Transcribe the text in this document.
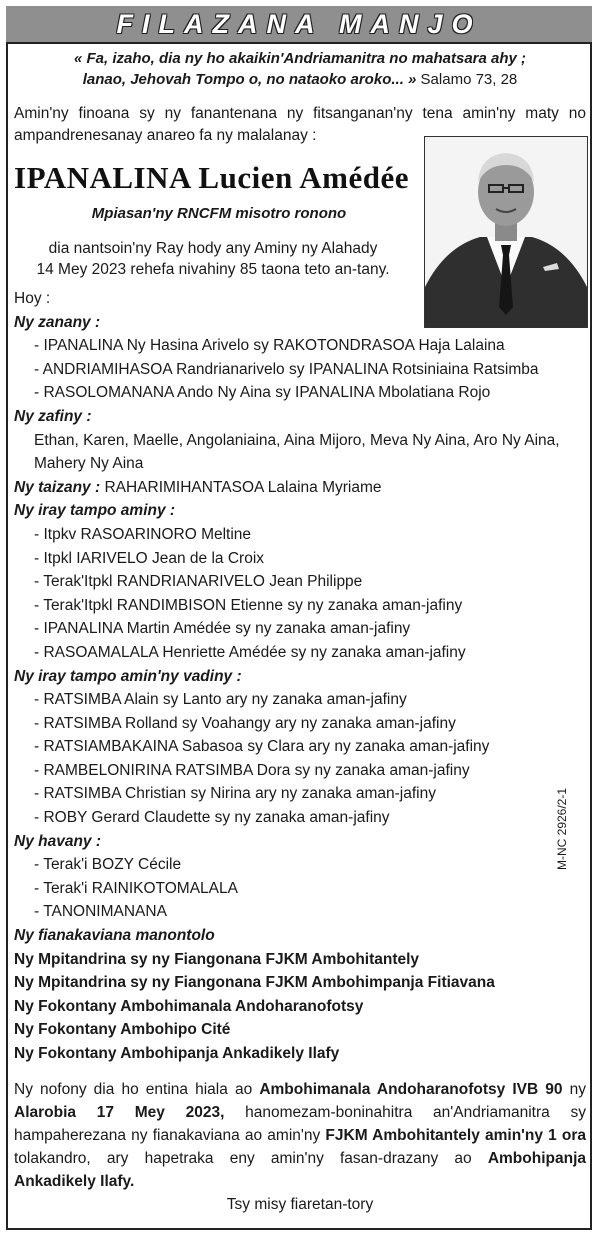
FILAZANA MANJO
« Fa, izaho, dia ny ho akaikin'Andriamanitra no mahatsara ahy ;
lanao, Jehovah Tompo o, no nataoko aroko... » Salamo 73, 28
Amin'ny finoana sy ny fanantenana ny fitsanganan'ny tena amin'ny maty no ampandrenesanay anareo fa ny malalanay :
IPANALINA Lucien Amédée
Mpiasan'ny RNCFM misotro ronono
dia nantsoin'ny Ray hody any Aminy ny Alahady
14 Mey 2023 rehefa nivahiny 85 taona teto an-tany.
Hoy :
Ny zanany :
- IPANALINA Ny Hasina Arivelo sy RAKOTONDRASOA Haja Lalaina
- ANDRIAMIHASOA Randrianarivelo sy IPANALINA Rotsiniaina Ratsimba
- RASOLOMANANA Ando Ny Aina sy IPANALINA Mbolatiana Rojo
Ny zafiny :
Ethan, Karen, Maelle, Angolaniaina, Aina Mijoro, Meva Ny Aina, Aro Ny Aina, Mahery Ny Aina
Ny taizany : RAHARIMIHANTASOA Lalaina Myriame
Ny iray tampo aminy :
- Itpkv RASOARINORO Meltine
- Itpkl IARIVELO Jean de la Croix
- Terak'Itpkl RANDRIANARIVELO Jean Philippe
- Terak'Itpkl RANDIMBISON Etienne sy ny zanaka aman-jafiny
- IPANALINA Martin Amédée sy ny zanaka aman-jafiny
- RASOAMALALA Henriette Amédée sy ny zanaka aman-jafiny
Ny iray tampo amin'ny vadiny :
- RATSIMBA Alain sy Lanto ary ny zanaka aman-jafiny
- RATSIMBA Rolland sy Voahangy ary ny zanaka aman-jafiny
- RATSIAMBAKAINA Sabasoa sy Clara ary ny zanaka aman-jafiny
- RAMBELONIRINA RATSIMBA Dora sy ny zanaka aman-jafiny
- RATSIMBA Christian sy Nirina ary ny zanaka aman-jafiny
- ROBY Gerard Claudette sy ny zanaka aman-jafiny
Ny havany :
- Terak'i BOZY Cécile
- Terak'i RAINIKOTOMALALA
- TANONIMANANA
Ny fianakaviana manontolo
Ny Mpitandrina sy ny Fiangonana FJKM Ambohitantely
Ny Mpitandrina sy ny Fiangonana FJKM Ambohimpanja Fitiavana
Ny Fokontany Ambohimanala Andoharanofotsy
Ny Fokontany Ambohipo Cité
Ny Fokontany Ambohipanja Ankadikely Ilafy
Ny nofony dia ho entina hiala ao Ambohimanala Andoharanofotsy IVB 90 ny Alarobia 17 Mey 2023, hanomezam-boninahitra an'Andriamanitra sy hampaherezana ny fianakaviana ao amin'ny FJKM Ambohitantely amin'ny 1 ora tolakandro, ary hapetraka eny amin'ny fasan-drazany ao Ambohipanja Ankadikely Ilafy.
Tsy misy fiaretan-tory
M-NC 2926/2-1
